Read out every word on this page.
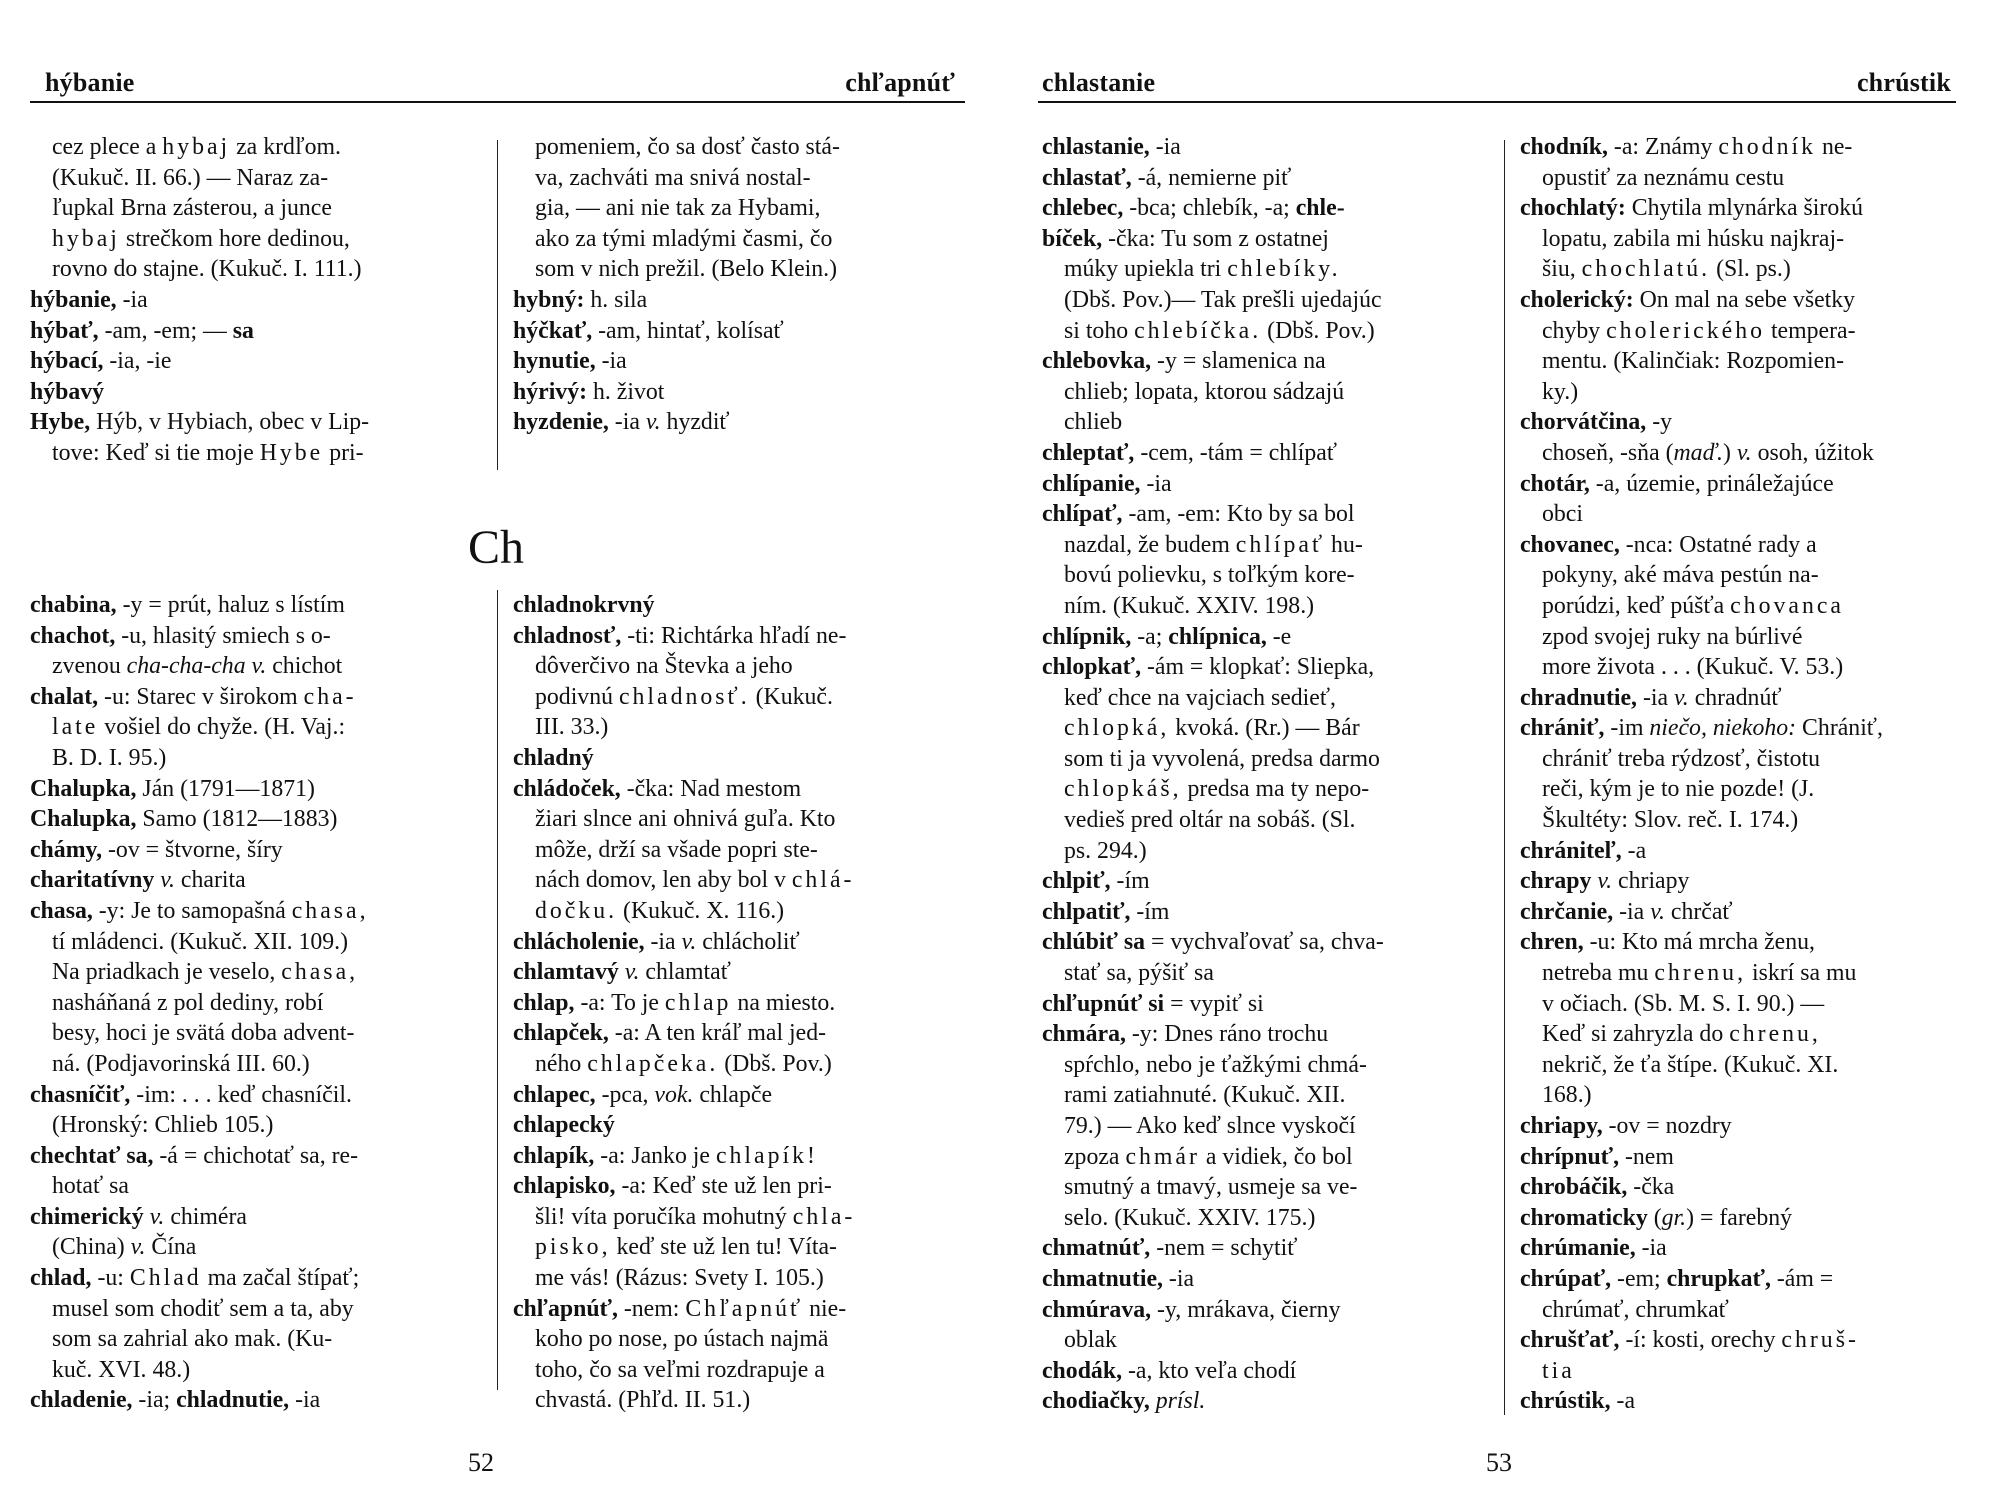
hýbanie	chľapnúť
cez plece a hybaj za krdľom.
(Kukuč. II. 66.) — Naraz za-
ľupkal Brna zásterou, a junce
hybaj strečkom hore dedinou,
rovno do stajne. (Kukuč. I. 111.)
hýbanie, -ia
hýbať, -am, -em; — sa
hýbací, -ia, -ie
hýbavý
Hybe, Hýb, v Hybiach, obec v Lip-
tove: Keď si tie moje Hybe pri-
pomeniem, čo sa dosť často stá-
va, zachváti ma snivá nostal-
gia, — ani nie tak za Hybami,
ako za tými mladými časmi, čo
som v nich prežil. (Belo Klein.)
hybný: h. sila
hýčkať, -am, hintať, kolísať
hynutie, -ia
hýrivý: h. život
hyzdenie, -ia v. hyzdiť
Ch
chabina, -y = prút, haluz s lístím
chachot, -u, hlasitý smiech s o-
zvenou cha-cha-cha v. chichot
chalat, -u: Starec v širokom cha-
late vošiel do chyže. (H. Vaj.:
B. D. I. 95.)
Chalupka, Ján (1791—1871)
Chalupka, Samo (1812—1883)
chámy, -ov = štvorne, šíry
charitatívny v. charita
chasa, -y: Je to samopašná chasa,
tí mládenci. (Kukuč. XII. 109.)
Na priadkach je veselo, chasa,
nasháňaná z pol dediny, robí
besy, hoci je svätá doba advent-
ná. (Podjavorinská III. 60.)
chasníčiť, -im: . . . keď chasníčil.
(Hronský: Chlieb 105.)
chechtať sa, -á = chichotať sa, re-
hotať sa
chimerický v. chiméra
(China) v. Čína
chlad, -u: Chlad ma začal štípať;
musel som chodiť sem a ta, aby
som sa zahrial ako mak. (Ku-
kuč. XVI. 48.)
chladenie, -ia; chladnutie, -ia
chladnokrvný
chladnosť, -ti: Richtárka hľadí ne-
dôverčivo na Števka a jeho
podivnú chladnosť. (Kukuč.
III. 33.)
chladný
chládoček, -čka: Nad mestom
žiari slnce ani ohnivá guľa. Kto
môže, drží sa všade popri ste-
nách domov, len aby bol v chlá-
dočku. (Kukuč. X. 116.)
chlácholenie, -ia v. chlácholiť
chlamtavý v. chlamtať
chlap, -a: To je chlap na miesto.
chlapček, -a: A ten kráľ mal jed-
ného chlapčeka. (Dbš. Pov.)
chlapec, -pca, vok. chlapče
chlapecký
chlapík, -a: Janko je chlapík!
chlapisko, -a: Keď ste už len pri-
šli! víta poručíka mohutný chla-
pisko, keď ste už len tu! Víta-
me vás! (Rázus: Svety I. 105.)
chľapnúť, -nem: Chľapnúť nie-
koho po nose, po ústach najmä
toho, čo sa veľmi rozdrapuje a
chvastá. (Phľd. II. 51.)
52
chlastanie	chrústik
chlastanie, -ia
chlastať, -á, nemierne piť
chlebec, -bca; chlebík, -a; chle-
bíček, -čka: Tu som z ostatnej
múky upiekla tri chlebíky.
(Dbš. Pov.)— Tak prešli ujedajúc
si toho chlebíčka. (Dbš. Pov.)
chlebovka, -y = slamenica na
chlieb; lopata, ktorou sádzajú
chlieb
chleptať, -cem, -tám = chlípať
chlípanie, -ia
chlípať, -am, -em: Kto by sa bol
nazdal, že budem chlípať hu-
bovú polievku, s toľkým kore-
ním. (Kukuč. XXIV. 198.)
chlípnik, -a; chlípnica, -e
chlopkať, -ám = klopkať: Sliepka,
keď chce na vajciach sedieť,
chlopká, kvoká. (Rr.) — Bár
som ti ja vyvolená, predsa darmo
chlopkáš, predsa ma ty nepo-
vedieš pred oltár na sobáš. (Sl.
ps. 294.)
chlpiť, -ím
chlpatiť, -ím
chlúbiť sa = vychvaľovať sa, chva-
stať sa, pýšiť sa
chľupnúť si = vypiť si
chmára, -y: Dnes ráno trochu
spŕchlo, nebo je ťažkými chmá-
rami zatiahnuté. (Kukuč. XII.
79.) — Ako keď slnce vyskočí
zpoza chmár a vidiek, čo bol
smutný a tmavý, usmeje sa ve-
selo. (Kukuč. XXIV. 175.)
chmatnúť, -nem = schytiť
chmatnutie, -ia
chmúrava, -y, mrákava, čierny
oblak
chodák, -a, kto veľa chodí
chodiačky, prísl.
chodník, -a: Známy chodník ne-
opustiť za neznámu cestu
chochlatý: Chytila mlynárka širokú
lopatu, zabila mi húsku najkraj-
šiu, chochlatú. (Sl. ps.)
cholerický: On mal na sebe všetky
chyby cholerického tempera-
mentu. (Kalinčiak: Rozpomien-
ky.)
chorvátčina, -y
choseň, -sňa (maď.) v. osoh, úžitok
chotár, -a, územie, prináležajúce
obci
chovanec, -nca: Ostatné rady a
pokyny, aké máva pestún na-
porúdzi, keď púšťa chovanca
zpod svojej ruky na búrlivé
more života . . . (Kukuč. V. 53.)
chradnutie, -ia v. chradnúť
chrániť, -im niečo, niekoho: Chrániť,
chrániť treba rýdzosť, čistotu
reči, kým je to nie pozde! (J.
Škultéty: Slov. reč. I. 174.)
chrániteľ, -a
chrapy v. chriapy
chrčanie, -ia v. chrčať
chren, -u: Kto má mrcha ženu,
netreba mu chrenu, iskrí sa mu
v očiach. (Sb. M. S. I. 90.) —
Keď si zahryzla do chrenu,
nekrič, že ťa štípe. (Kukuč. XI.
168.)
chriapy, -ov = nozdry
chrípnuť, -nem
chrobáčik, -čka
chromaticky (gr.) = farebný
chrúmanie, -ia
chrúpať, -em; chrupkať, -ám =
chrúmať, chrumkať
chrušťať, -í: kosti, orechy chruš-
tia
chrústik, -a
53
